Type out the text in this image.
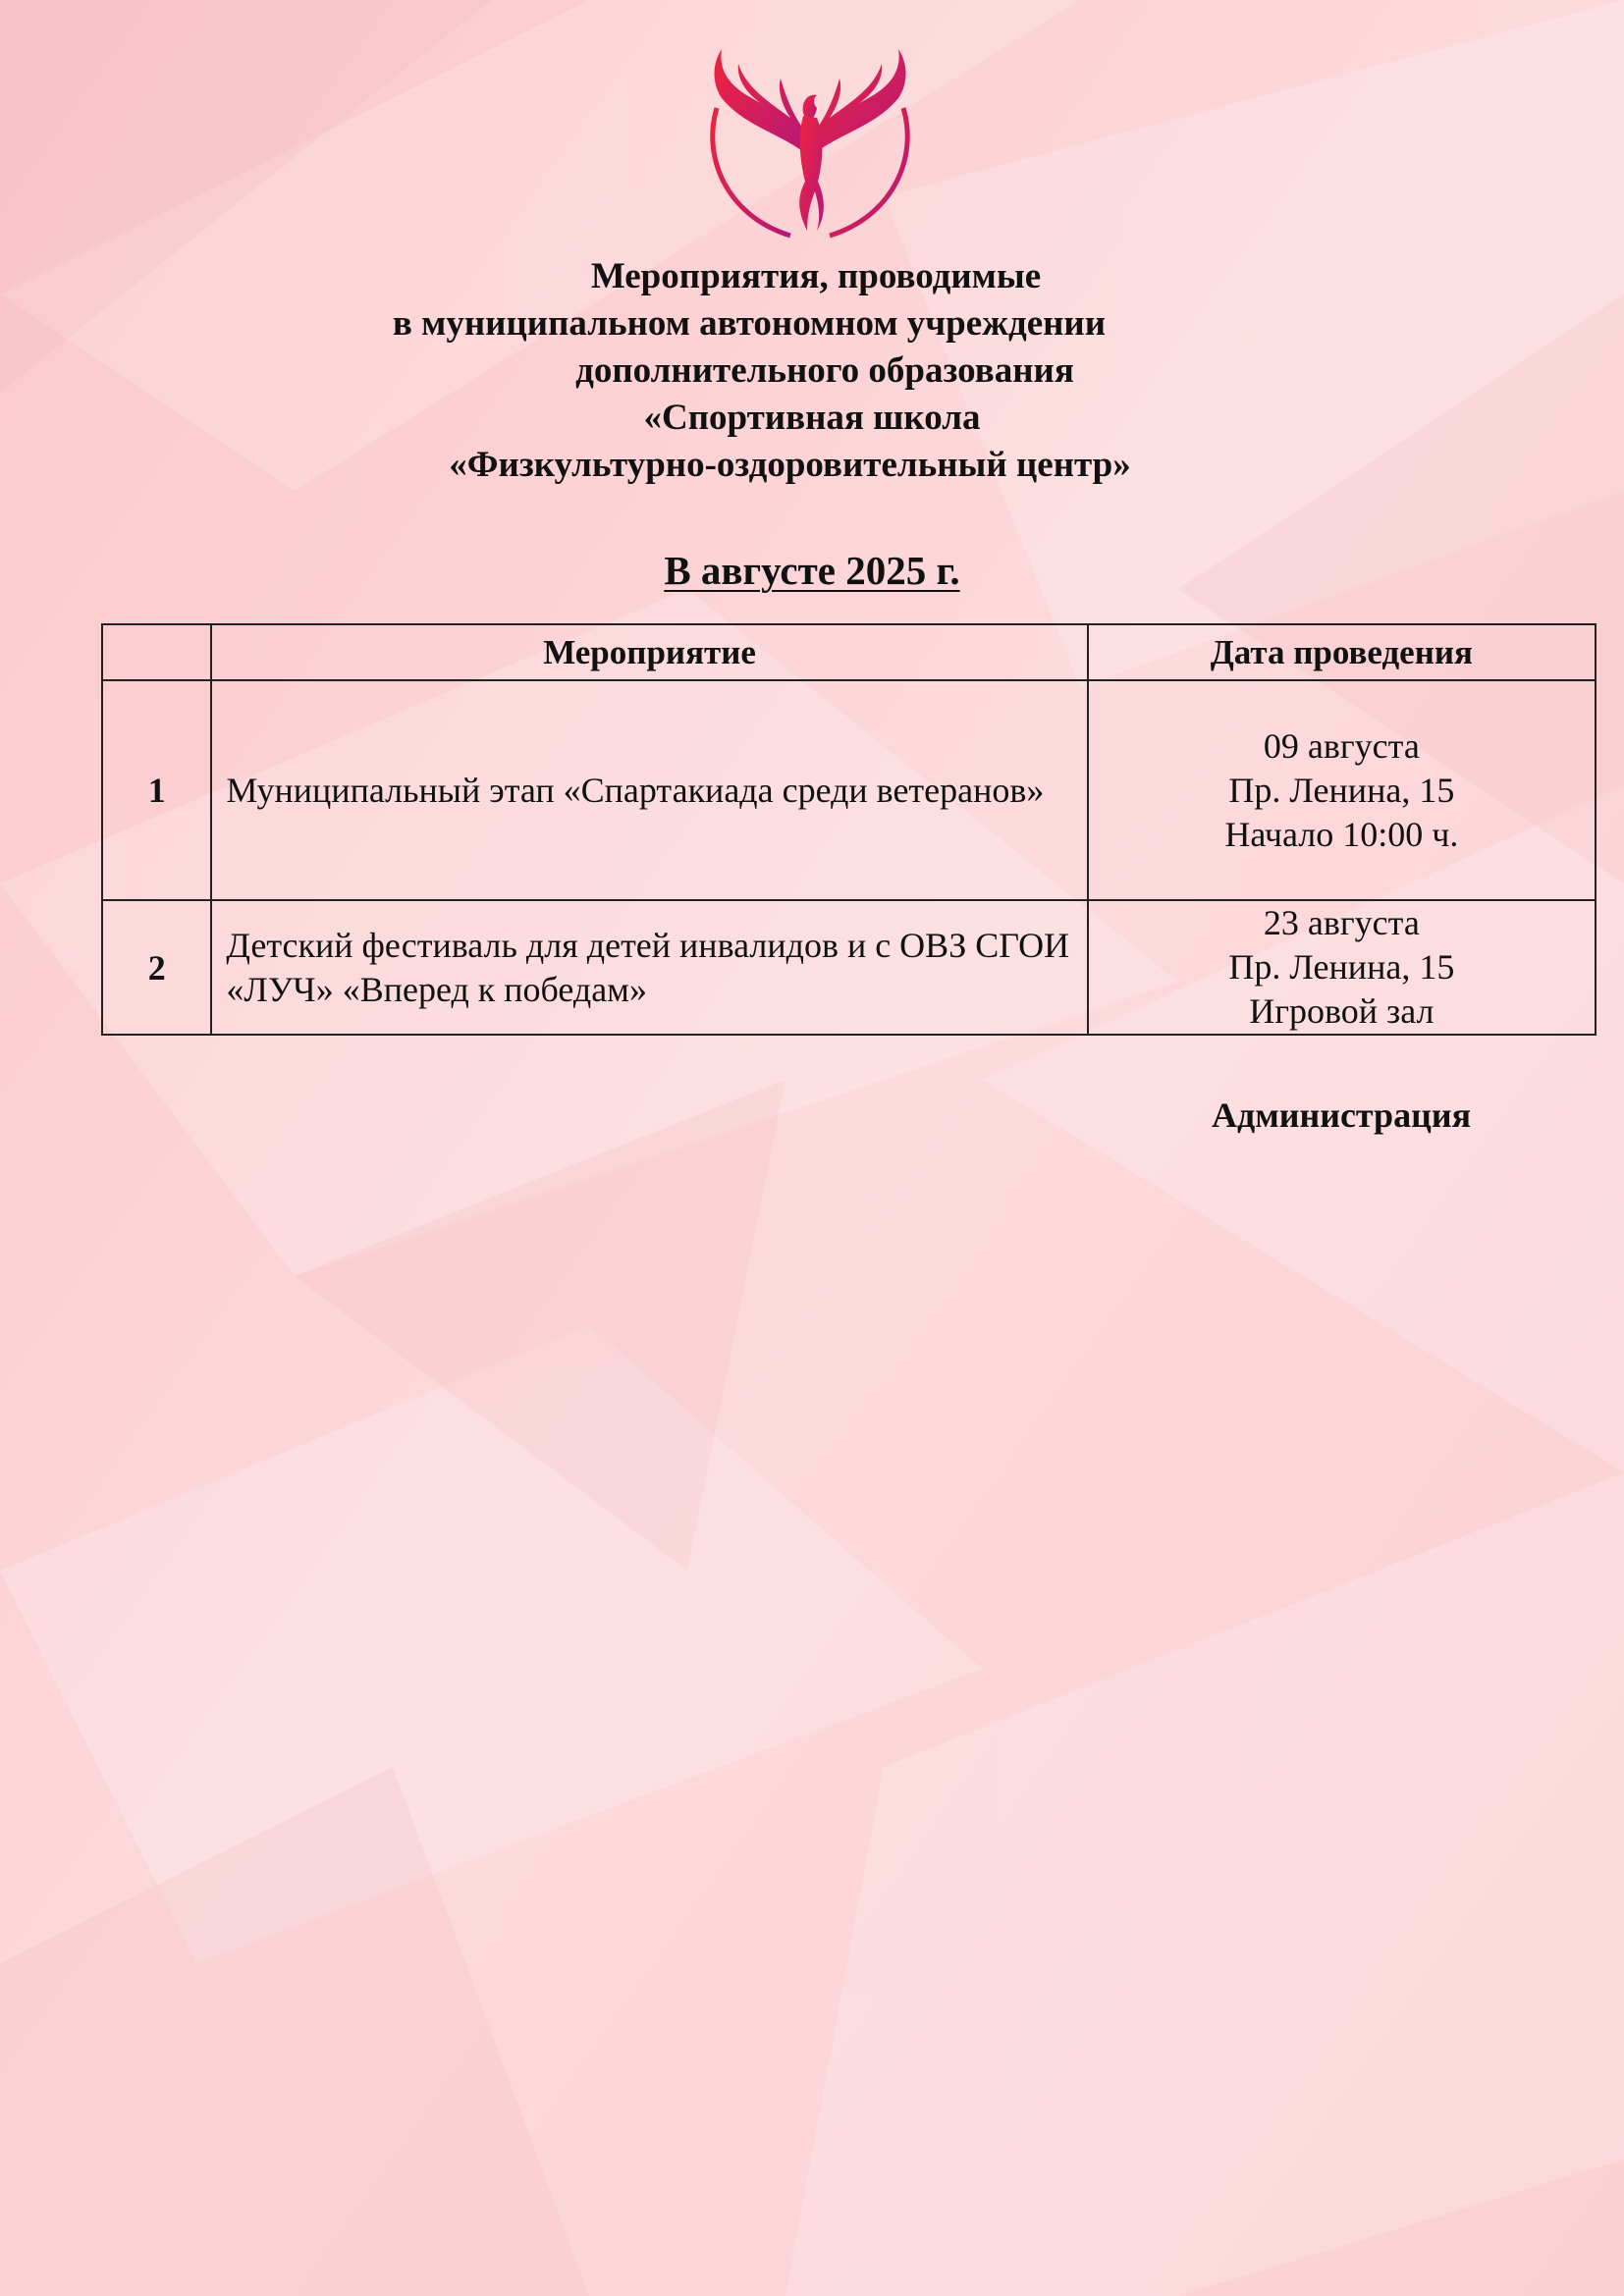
Мероприятия, проводимые
в муниципальном автономном учреждении
дополнительного образования
«Спортивная школа
«Физкультурно-оздоровительный центр»
В августе 2025 г.
	Мероприятие	Дата проведения
1	Муниципальный этап «Спартакиада среди ветеранов»	09 августа
Пр. Ленина, 15
Начало 10:00 ч.

2	Детский фестиваль для детей инвалидов и с ОВЗ СГОИ «ЛУЧ» «Вперед к победам»	23 августа
Пр. Ленина, 15
Игровой зал
Администрация
